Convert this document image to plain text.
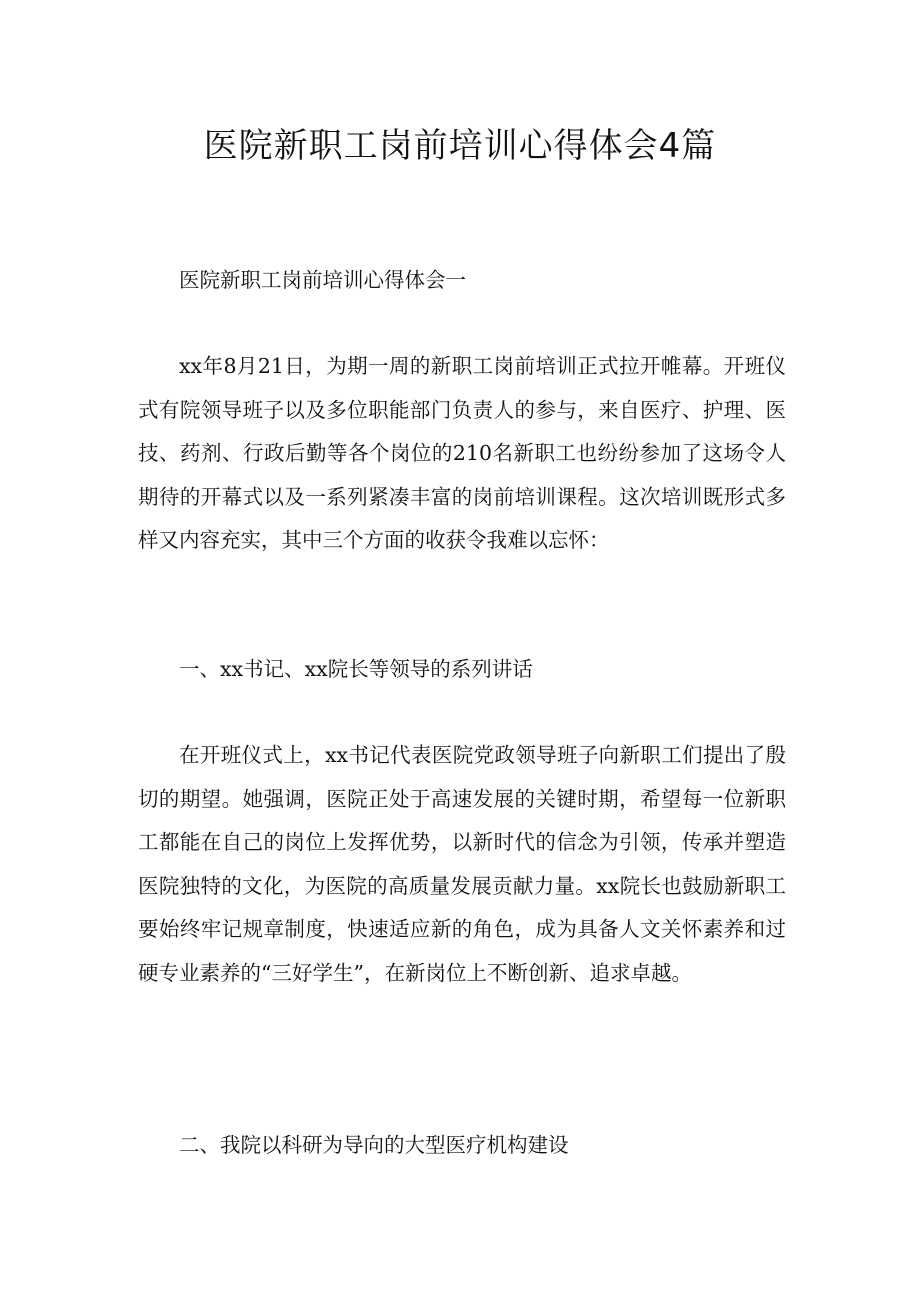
医院新职工岗前培训心得体会4篇

医院新职工岗前培训心得体会一

xx年8月21日，为期一周的新职工岗前培训正式拉开帷幕。开班仪式有院领导班子以及多位职能部门负责人的参与，来自医疗、护理、医技、药剂、行政后勤等各个岗位的210名新职工也纷纷参加了这场令人期待的开幕式以及一系列紧凑丰富的岗前培训课程。这次培训既形式多样又内容充实，其中三个方面的收获令我难以忘怀：

一、xx书记、xx院长等领导的系列讲话

在开班仪式上，xx书记代表医院党政领导班子向新职工们提出了殷切的期望。她强调，医院正处于高速发展的关键时期，希望每一位新职工都能在自己的岗位上发挥优势，以新时代的信念为引领，传承并塑造医院独特的文化，为医院的高质量发展贡献力量。xx院长也鼓励新职工要始终牢记规章制度，快速适应新的角色，成为具备人文关怀素养和过硬专业素养的“三好学生”，在新岗位上不断创新、追求卓越。

二、我院以科研为导向的大型医疗机构建设
